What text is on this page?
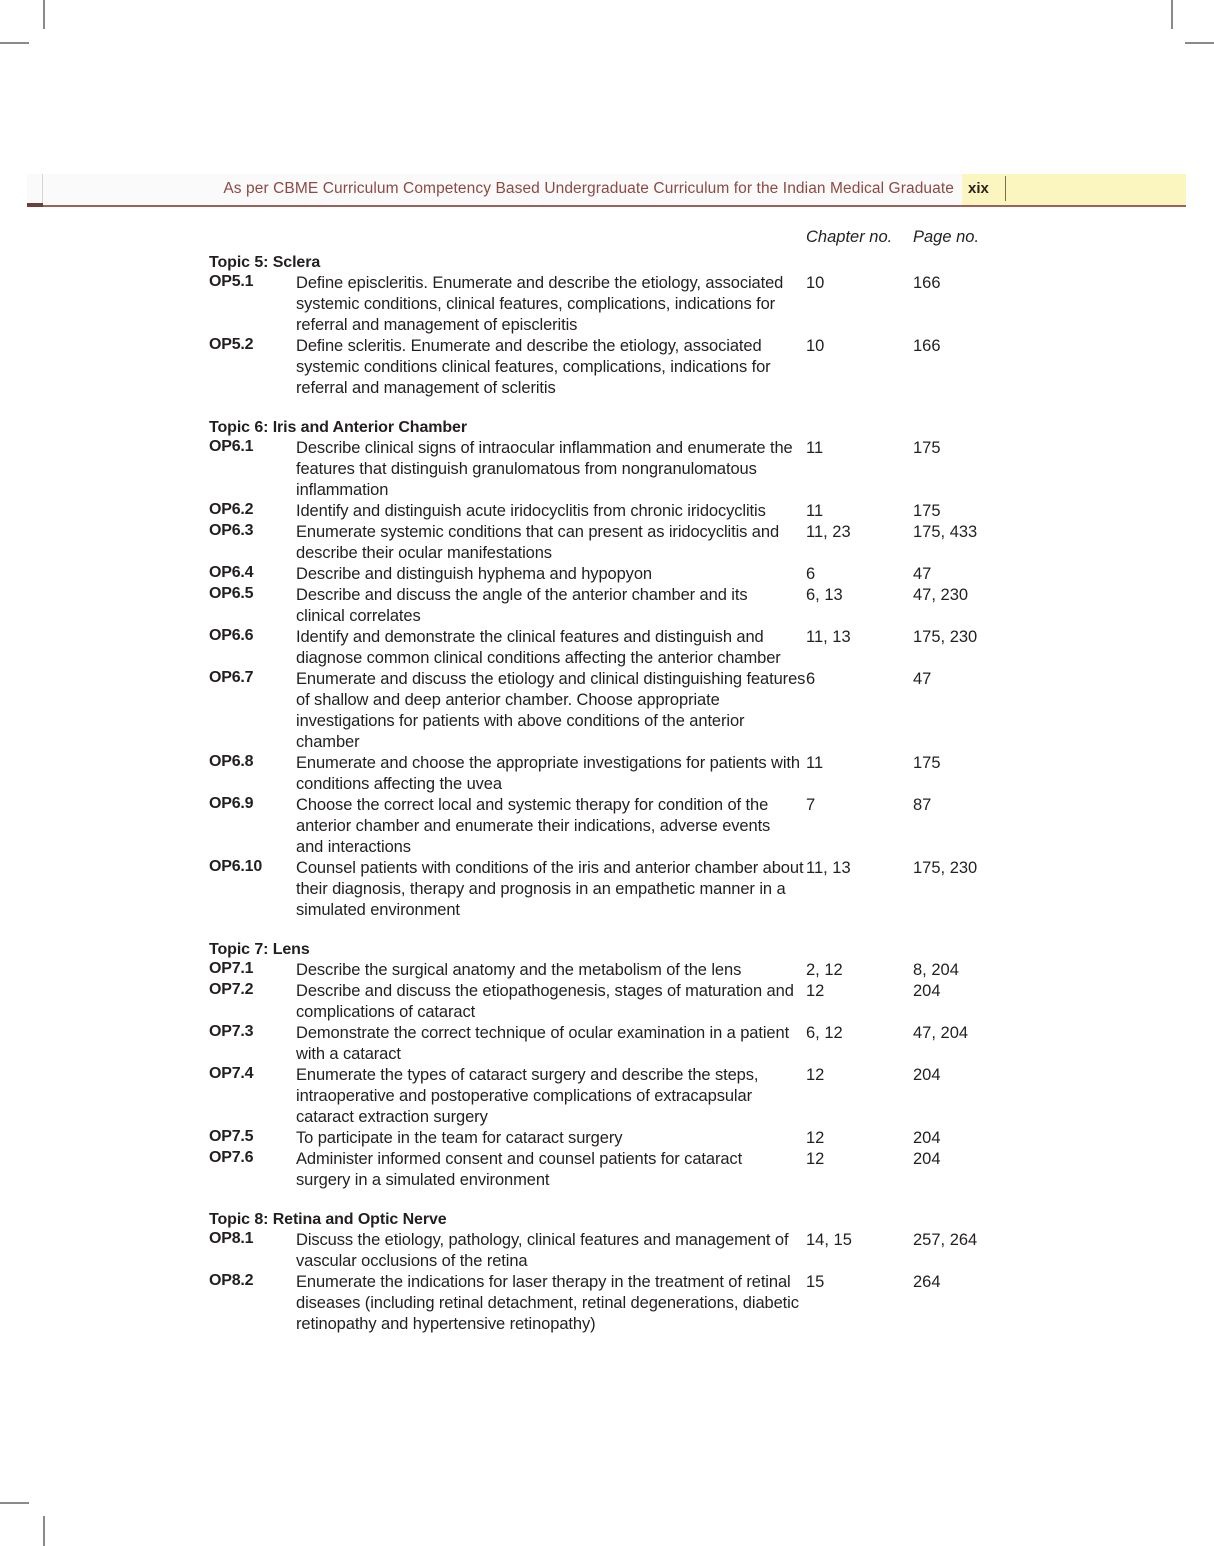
As per CBME Curriculum Competency Based Undergraduate Curriculum for the Indian Medical Graduate xix
Chapter no. Page no.
Topic 5: Sclera
OP5.1	Define episcleritis. Enumerate and describe the etiology, associated systemic conditions, clinical features, complications, indications for referral and management of episcleritis
10	166
OP5.2	Define scleritis. Enumerate and describe the etiology, associated systemic conditions clinical features, complications, indications for referral and management of scleritis
10	166
Topic 6: Iris and Anterior Chamber
OP6.1	Describe clinical signs of intraocular inflammation and enumerate the features that distinguish granulomatous from nongranulomatous inflammation
11	175
OP6.2	Identify and distinguish acute iridocyclitis from chronic iridocyclitis	11	175
OP6.3	Enumerate systemic conditions that can present as iridocyclitis and describe their ocular manifestations
11, 23	175, 433
OP6.4	Describe and distinguish hyphema and hypopyon	6	47
OP6.5	Describe and discuss the angle of the anterior chamber and its clinical correlates
6, 13	47, 230
OP6.6	Identify and demonstrate the clinical features and distinguish and diagnose common clinical conditions affecting the anterior chamber
11, 13	175, 230
OP6.7	Enumerate and discuss the etiology and clinical distinguishing features of shallow and deep anterior chamber. Choose appropriate investigations for patients with above conditions of the anterior chamber
6	47
OP6.8	Enumerate and choose the appropriate investigations for patients with conditions affecting the uvea
11	175
OP6.9	Choose the correct local and systemic therapy for condition of the anterior chamber and enumerate their indications, adverse events and interactions
7	87
OP6.10 Counsel patients with conditions of the iris and anterior chamber about their diagnosis, therapy and prognosis in an empathetic manner in a simulated environment
11, 13	175, 230
Topic 7: Lens
OP7.1	Describe the surgical anatomy and the metabolism of the lens	2, 12	8, 204
OP7.2	Describe and discuss the etiopathogenesis, stages of maturation and complications of cataract
12	204
OP7.3	Demonstrate the correct technique of ocular examination in a patient with a cataract
6, 12	47, 204
OP7.4	Enumerate the types of cataract surgery and describe the steps, intraoperative and postoperative complications of extracapsular cataract extraction surgery
12	204
OP7.5	To participate in the team for cataract surgery	12	204
OP7.6	Administer informed consent and counsel patients for cataract surgery in a simulated environment
12	204
Topic 8: Retina and Optic Nerve
OP8.1	Discuss the etiology, pathology, clinical features and management of vascular occlusions of the retina
14, 15	257, 264
OP8.2	Enumerate the indications for laser therapy in the treatment of retinal diseases (including retinal detachment, retinal degenerations, diabetic retinopathy and hypertensive retinopathy)
15	264
